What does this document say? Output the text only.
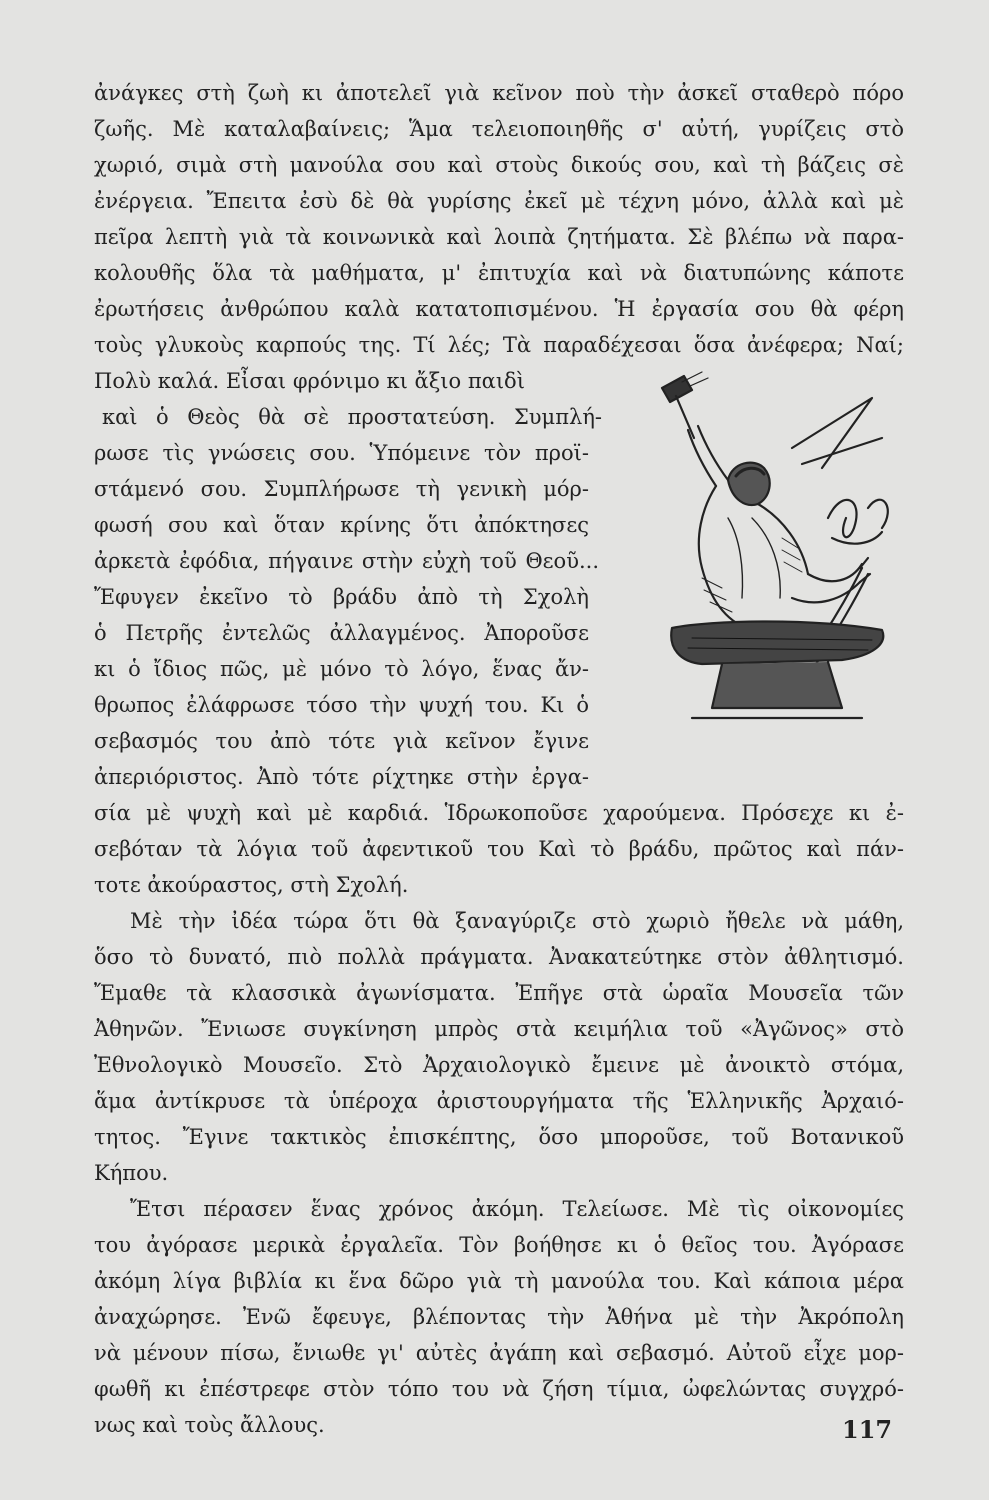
ἀνάγκες στὴ ζωὴ κι ἀποτελεῖ γιὰ κεῖνον ποὺ τὴν ἀσκεῖ σταθερὸ πόρο
ζωῆς. Μὲ καταλαβαίνεις; Ἅμα τελειοποιηθῆς σ' αὐτή, γυρίζεις στὸ
χωριό, σιμὰ στὴ μανούλα σου καὶ στοὺς δικούς σου, καὶ τὴ βάζεις σὲ
ἐνέργεια. Ἔπειτα ἐσὺ δὲ θὰ γυρίσης ἐκεῖ μὲ τέχνη μόνο, ἀλλὰ καὶ μὲ
πεῖρα λεπτὴ γιὰ τὰ κοινωνικὰ καὶ λοιπὰ ζητήματα. Σὲ βλέπω νὰ παρα-
κολουθῆς ὅλα τὰ μαθήματα, μ' ἐπιτυχία καὶ νὰ διατυπώνης κάποτε
ἐρωτήσεις ἀνθρώπου καλὰ κατατοπισμένου. Ἡ ἐργασία σου θὰ φέρη
τοὺς γλυκοὺς καρπούς της. Τί λές; Τὰ παραδέχεσαι ὅσα ἀνέφερα; Ναί;
Πολὺ καλά. Εἶσαι φρόνιμο κι ἄξιο παιδὶ
καὶ ὁ Θεὸς θὰ σὲ προστατεύση. Συμπλή-
ρωσε τὶς γνώσεις σου. Ὑπόμεινε τὸν προϊ-
στάμενό σου. Συμπλήρωσε τὴ γενικὴ μόρ-
φωσή σου καὶ ὅταν κρίνης ὅτι ἀπόκτησες
ἀρκετὰ ἐφόδια, πήγαινε στὴν εὐχὴ τοῦ Θεοῦ...
Ἔφυγεν ἐκεῖνο τὸ βράδυ ἀπὸ τὴ Σχολὴ
ὁ Πετρῆς ἐντελῶς ἀλλαγμένος. Ἀποροῦσε
κι ὁ ἴδιος πῶς, μὲ μόνο τὸ λόγο, ἕνας ἄν-
θρωπος ἐλάφρωσε τόσο τὴν ψυχή του. Κι ὁ
σεβασμός του ἀπὸ τότε γιὰ κεῖνον ἔγινε
ἀπεριόριστος. Ἀπὸ τότε ρίχτηκε στὴν ἐργα-
σία μὲ ψυχὴ καὶ μὲ καρδιά. Ἱδρωκοποῦσε χαρούμενα. Πρόσεχε κι ἐ-
σεβόταν τὰ λόγια τοῦ ἀφεντικοῦ του Καὶ τὸ βράδυ, πρῶτος καὶ πάν-
τοτε ἀκούραστος, στὴ Σχολή.
Μὲ τὴν ἰδέα τώρα ὅτι θὰ ξαναγύριζε στὸ χωριὸ ἤθελε νὰ μάθη,
ὅσο τὸ δυνατό, πιὸ πολλὰ πράγματα. Ἀνακατεύτηκε στὸν ἀθλητισμό.
Ἔμαθε τὰ κλασσικὰ ἀγωνίσματα. Ἐπῆγε στὰ ὡραῖα Μουσεῖα τῶν
Ἀθηνῶν. Ἔνιωσε συγκίνηση μπρὸς στὰ κειμήλια τοῦ «Ἀγῶνος» στὸ
Ἐθνολογικὸ Μουσεῖο. Στὸ Ἀρχαιολογικὸ ἔμεινε μὲ ἀνοικτὸ στόμα,
ἅμα ἀντίκρυσε τὰ ὑπέροχα ἀριστουργήματα τῆς Ἑλληνικῆς Ἀρχαιό-
τητος. Ἔγινε τακτικὸς ἐπισκέπτης, ὅσο μποροῦσε, τοῦ Βοτανικοῦ
Κήπου.
Ἔτσι πέρασεν ἕνας χρόνος ἀκόμη. Τελείωσε. Μὲ τὶς οἰκονομίες
του ἀγόρασε μερικὰ ἐργαλεῖα. Τὸν βοήθησε κι ὁ θεῖος του. Ἀγόρασε
ἀκόμη λίγα βιβλία κι ἕνα δῶρο γιὰ τὴ μανούλα του. Καὶ κάποια μέρα
ἀναχώρησε. Ἐνῶ ἔφευγε, βλέποντας τὴν Ἀθήνα μὲ τὴν Ἀκρόπολη
νὰ μένουν πίσω, ἔνιωθε γι' αὐτὲς ἀγάπη καὶ σεβασμό. Αὐτοῦ εἶχε μορ-
φωθῆ κι ἐπέστρεφε στὸν τόπο του νὰ ζήση τίμια, ὠφελώντας συγχρό-
νως καὶ τοὺς ἄλλους.	117
